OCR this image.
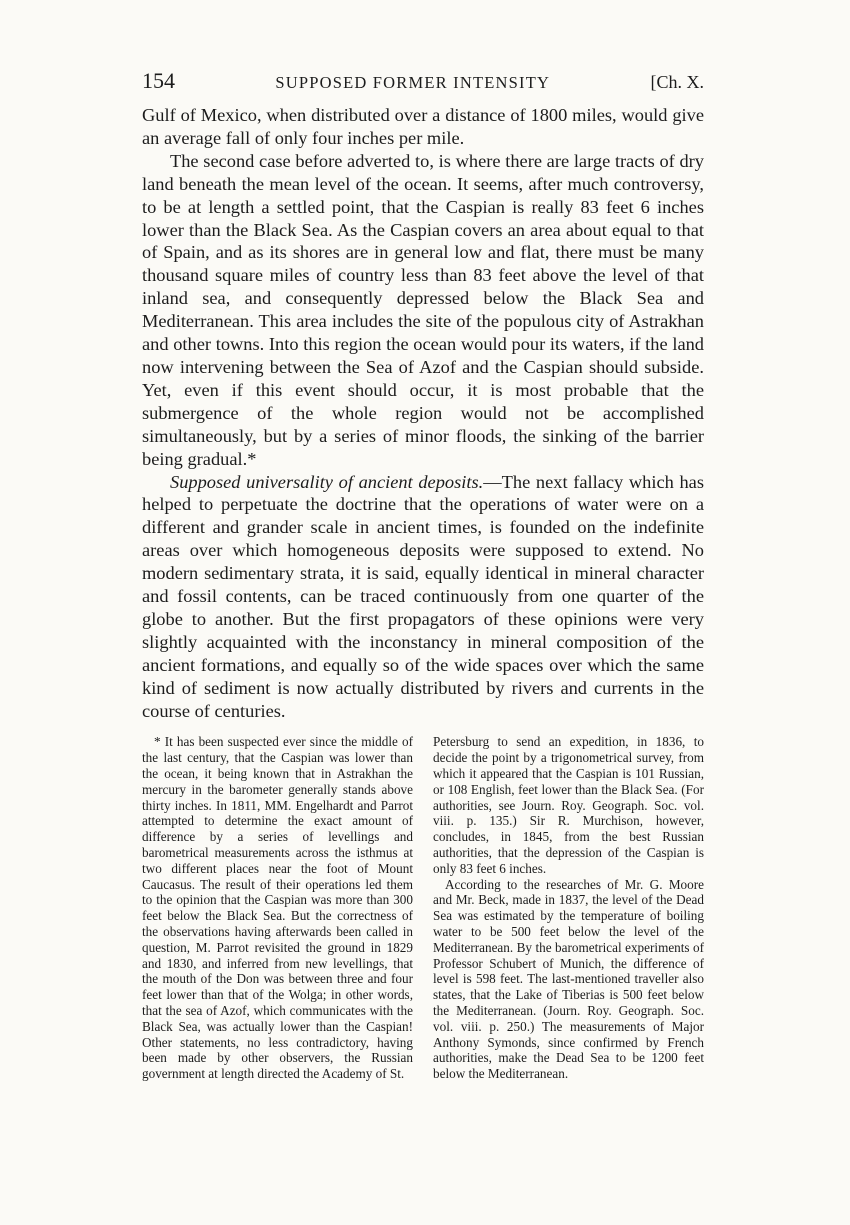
154	SUPPOSED FORMER INTENSITY	[Ch. X.

Gulf of Mexico, when distributed over a distance of 1800 miles, would give an average fall of only four inches per mile.

The second case before adverted to, is where there are large tracts of dry land beneath the mean level of the ocean. It seems, after much controversy, to be at length a settled point, that the Caspian is really 83 feet 6 inches lower than the Black Sea. As the Caspian covers an area about equal to that of Spain, and as its shores are in general low and flat, there must be many thousand square miles of country less than 83 feet above the level of that inland sea, and consequently depressed below the Black Sea and Mediterranean. This area includes the site of the populous city of Astrakhan and other towns. Into this region the ocean would pour its waters, if the land now intervening between the Sea of Azof and the Caspian should subside. Yet, even if this event should occur, it is most probable that the submergence of the whole region would not be accomplished simultaneously, but by a series of minor floods, the sinking of the barrier being gradual.*

Supposed universality of ancient deposits.—The next fallacy which has helped to perpetuate the doctrine that the operations of water were on a different and grander scale in ancient times, is founded on the indefinite areas over which homogeneous deposits were supposed to extend. No modern sedimentary strata, it is said, equally identical in mineral character and fossil contents, can be traced continuously from one quarter of the globe to another. But the first propagators of these opinions were very slightly acquainted with the inconstancy in mineral composition of the ancient formations, and equally so of the wide spaces over which the same kind of sediment is now actually distributed by rivers and currents in the course of centuries.

* It has been suspected ever since the middle of the last century, that the Caspian was lower than the ocean, it being known that in Astrakhan the mercury in the barometer generally stands above thirty inches. In 1811, MM. Engelhardt and Parrot attempted to determine the exact amount of difference by a series of levellings and barometrical measurements across the isthmus at two different places near the foot of Mount Caucasus. The result of their operations led them to the opinion that the Caspian was more than 300 feet below the Black Sea. But the correctness of the observations having afterwards been called in question, M. Parrot revisited the ground in 1829 and 1830, and inferred from new levellings, that the mouth of the Don was between three and four feet lower than that of the Wolga; in other words, that the sea of Azof, which communicates with the Black Sea, was actually lower than the Caspian! Other statements, no less contradictory, having been made by other observers, the Russian government at length directed the Academy of St.

Petersburg to send an expedition, in 1836, to decide the point by a trigonometrical survey, from which it appeared that the Caspian is 101 Russian, or 108 English, feet lower than the Black Sea. (For authorities, see Journ. Roy. Geograph. Soc. vol. viii. p. 135.) Sir R. Murchison, however, concludes, in 1845, from the best Russian authorities, that the depression of the Caspian is only 83 feet 6 inches.

According to the researches of Mr. G. Moore and Mr. Beck, made in 1837, the level of the Dead Sea was estimated by the temperature of boiling water to be 500 feet below the level of the Mediterranean. By the barometrical experiments of Professor Schubert of Munich, the difference of level is 598 feet. The last-mentioned traveller also states, that the Lake of Tiberias is 500 feet below the Mediterranean. (Journ. Roy. Geograph. Soc. vol. viii. p. 250.) The measurements of Major Anthony Symonds, since confirmed by French authorities, make the Dead Sea to be 1200 feet below the Mediterranean.
